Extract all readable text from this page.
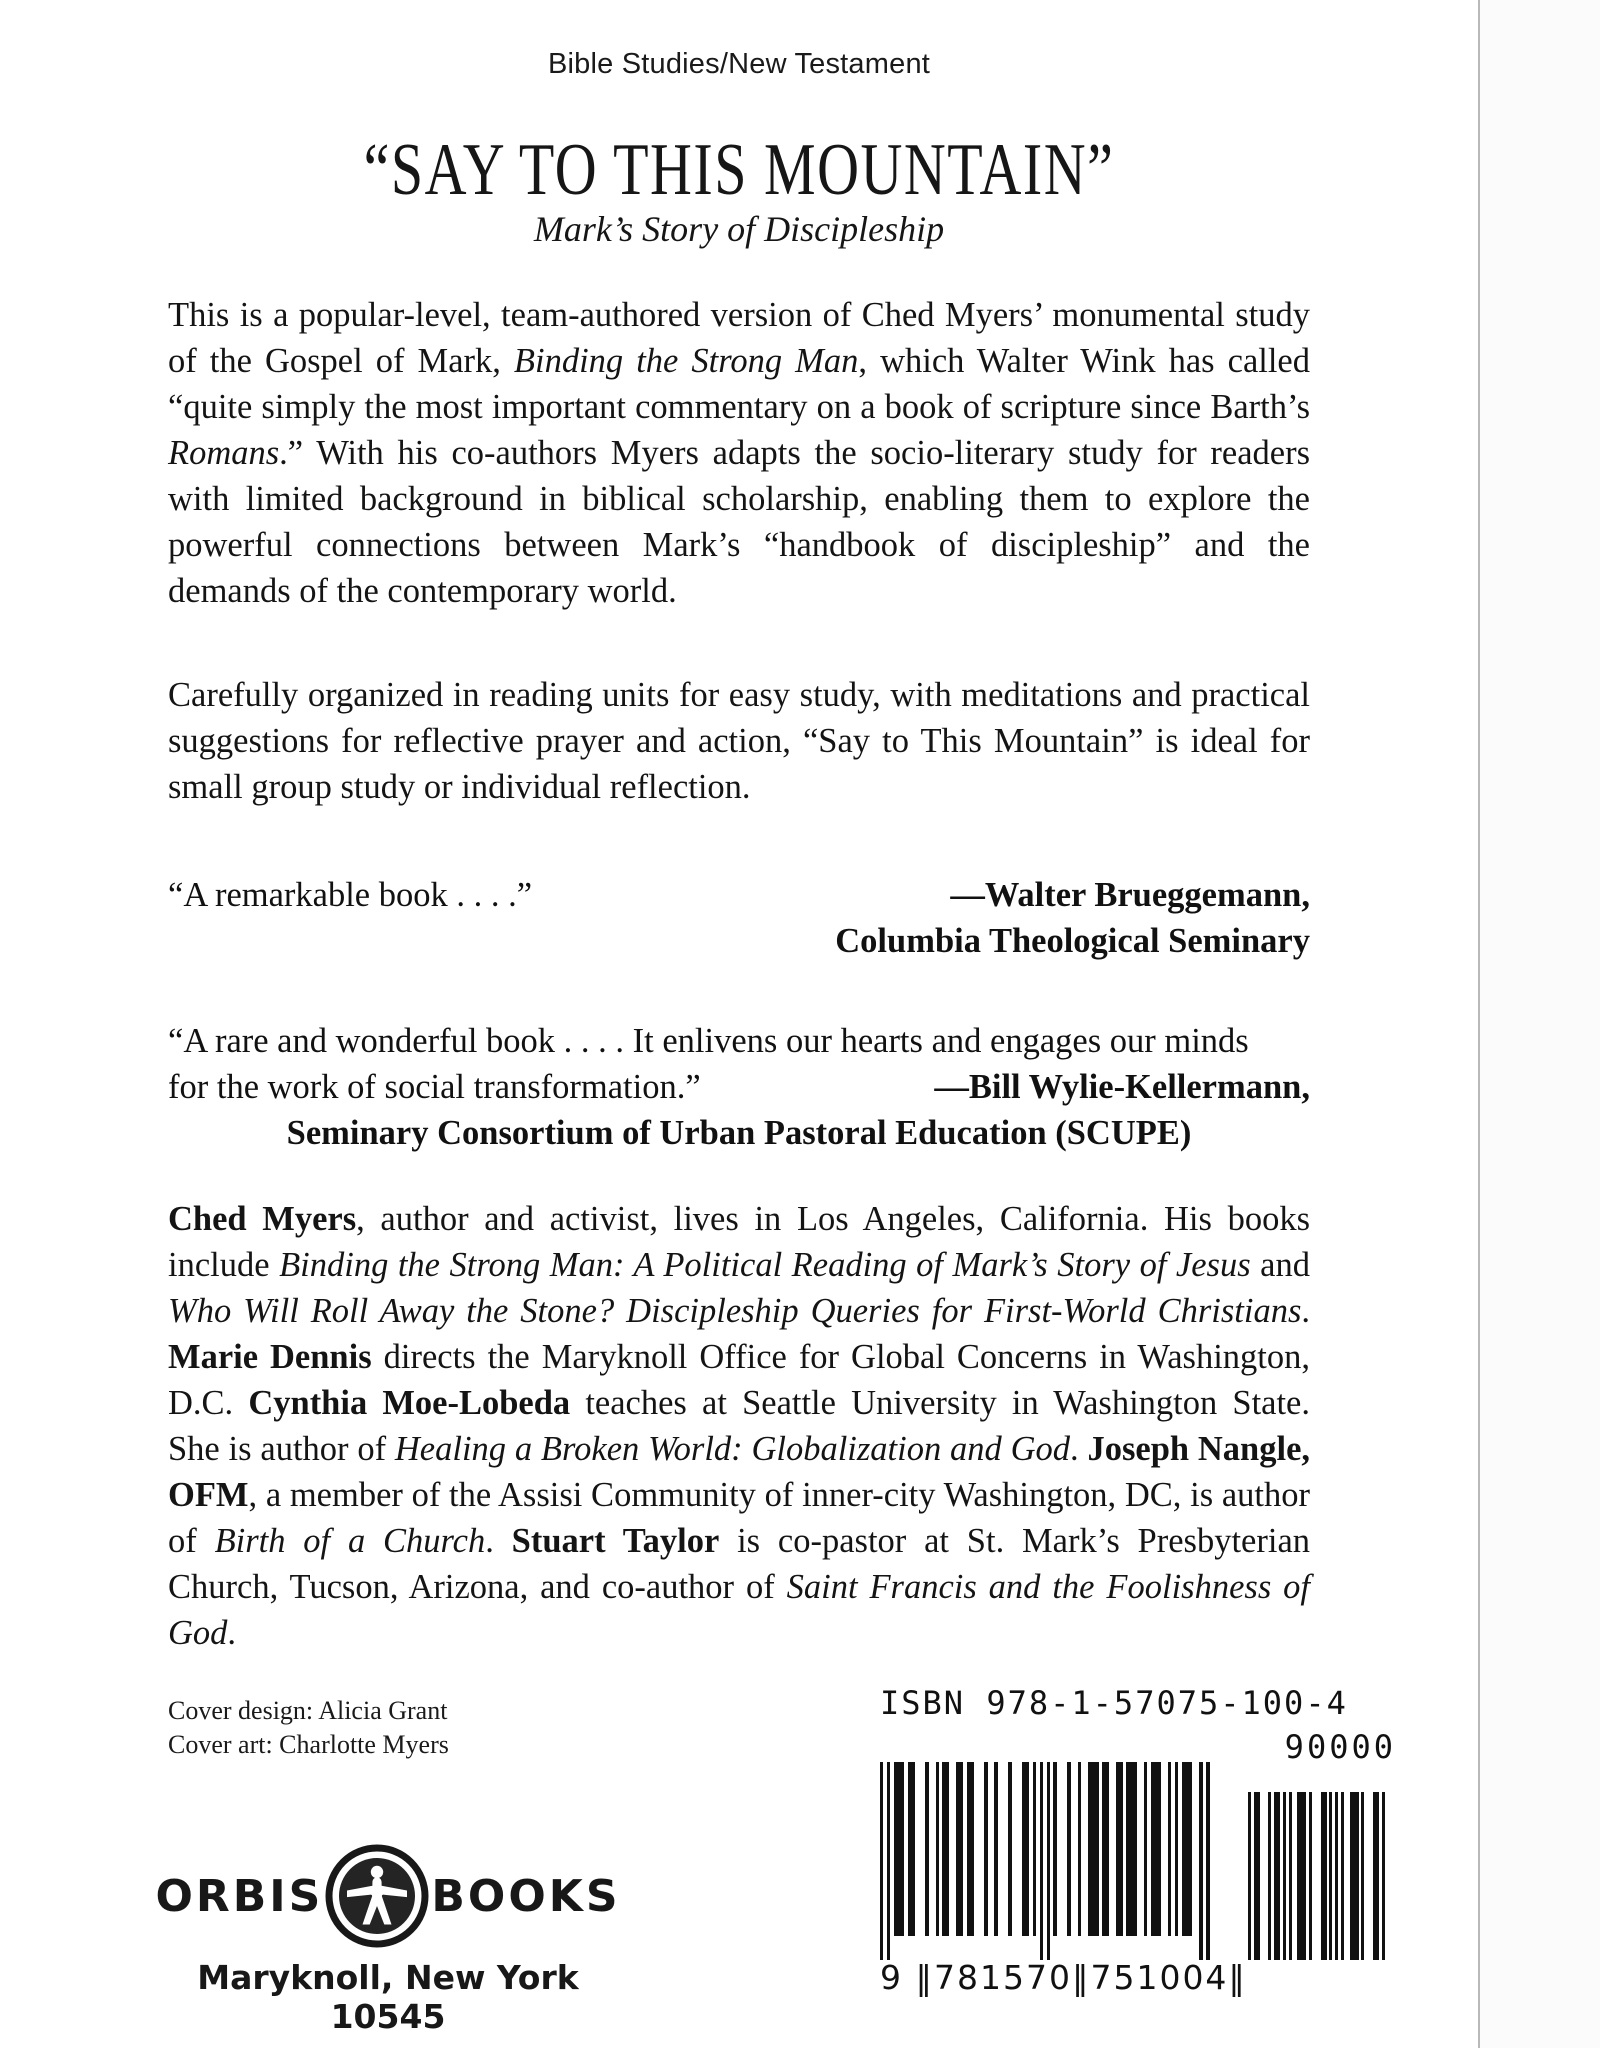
Bible Studies/New Testament
“SAY TO THIS MOUNTAIN”
Mark’s Story of Discipleship

This is a popular-level, team-authored version of Ched Myers’ monumental study of the Gospel of Mark, Binding the Strong Man, which Walter Wink has called “quite simply the most important commentary on a book of scripture since Barth’s Romans.” With his co-authors Myers adapts the socio-literary study for readers with limited background in biblical scholarship, enabling them to explore the powerful connections between Mark’s “handbook of discipleship” and the demands of the contemporary world.

Carefully organized in reading units for easy study, with meditations and practical suggestions for reflective prayer and action, “Say to This Mountain” is ideal for small group study or individual reflection.

“A remarkable book . . . .”	—Walter Brueggemann,
Columbia Theological Seminary
“A rare and wonderful book . . . . It enlivens our hearts and engages our minds
for the work of social transformation.”	—Bill Wylie-Kellermann,
Seminary Consortium of Urban Pastoral Education (SCUPE)

Ched Myers, author and activist, lives in Los Angeles, California. His books include Binding the Strong Man: A Political Reading of Mark’s Story of Jesus and Who Will Roll Away the Stone? Discipleship Queries for First-World Christians. Marie Dennis directs the Maryknoll Office for Global Concerns in Washington, D.C. Cynthia Moe-Lobeda teaches at Seattle University in Washington State. She is author of Healing a Broken World: Globalization and God. Joseph Nangle, OFM, a member of the Assisi Community of inner-city Washington, DC, is author of Birth of a Church. Stuart Taylor is co-pastor at St. Mark’s Presbyterian Church, Tucson, Arizona, and co-author of Saint Francis and the Foolishness of God.

Cover design: Alicia Grant
Cover art: Charlotte Myers
ISBN 978-1-57075-100-4
90000
9 ‖781570‖751004‖
ORBIS BOOKS
Maryknoll, New York 10545
